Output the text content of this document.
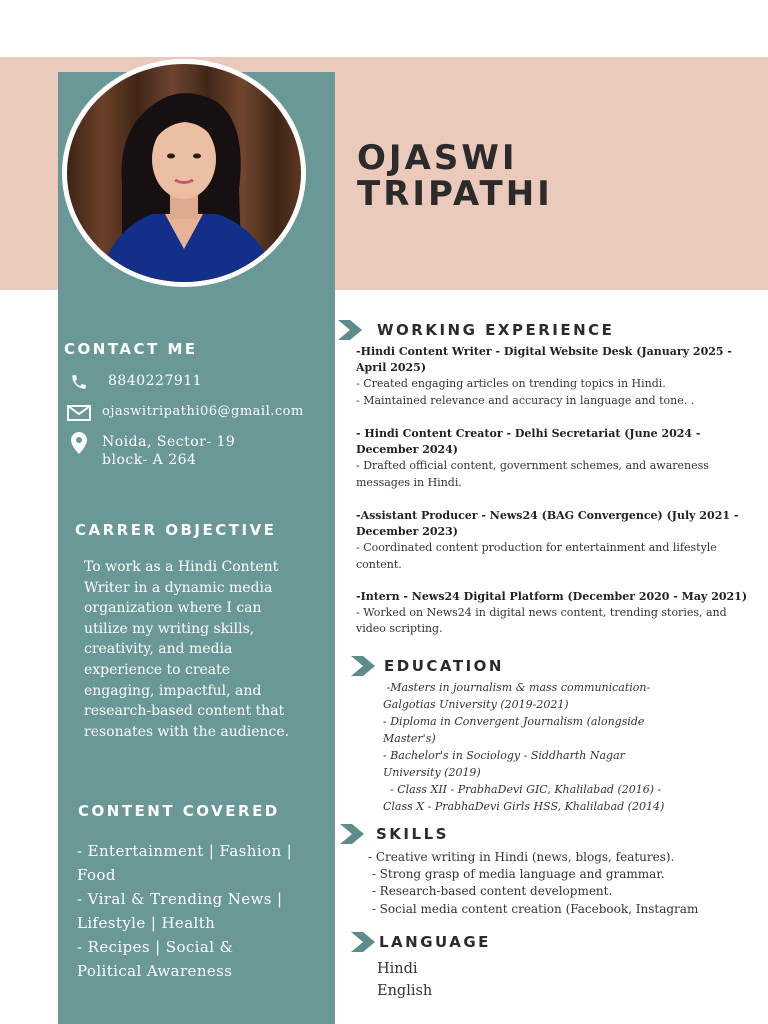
OJASWI
TRIPATHI
CONTACT ME
8840227911
ojaswitripathi06@gmail.com
Noida, Sector- 19
block- A 264
CARRER OBJECTIVE
To work as a Hindi Content Writer in a dynamic media organization where I can utilize my writing skills, creativity, and media experience to create engaging, impactful, and research-based content that resonates with the audience.
CONTENT COVERED
- Entertainment | Fashion |
Food
- Viral & Trending News |
Lifestyle | Health
- Recipes | Social &
Political Awareness
WORKING EXPERIENCE
-Hindi Content Writer - Digital Website Desk (January 2025 - April 2025)
- Created engaging articles on trending topics in Hindi.
- Maintained relevance and accuracy in language and tone. .
- Hindi Content Creator - Delhi Secretariat (June 2024 - December 2024)
- Drafted official content, government schemes, and awareness messages in Hindi.
-Assistant Producer - News24 (BAG Convergence) (July 2021 - December 2023)
- Coordinated content production for entertainment and lifestyle content.
-Intern - News24 Digital Platform (December 2020 - May 2021)
- Worked on News24 in digital news content, trending stories, and video scripting.
EDUCATION
-Masters in journalism & mass communication-
Galgotias University (2019-2021)
- Diploma in Convergent Journalism (alongside
Master's)
- Bachelor's in Sociology - Siddharth Nagar
University (2019)
- Class XII - PrabhaDevi GIC, Khalilabad (2016) -
Class X - PrabhaDevi Girls HSS, Khalilabad (2014)
SKILLS
- Creative writing in Hindi (news, blogs, features).
- Strong grasp of media language and grammar.
- Research-based content development.
- Social media content creation (Facebook, Instagram
LANGUAGE
Hindi
English
